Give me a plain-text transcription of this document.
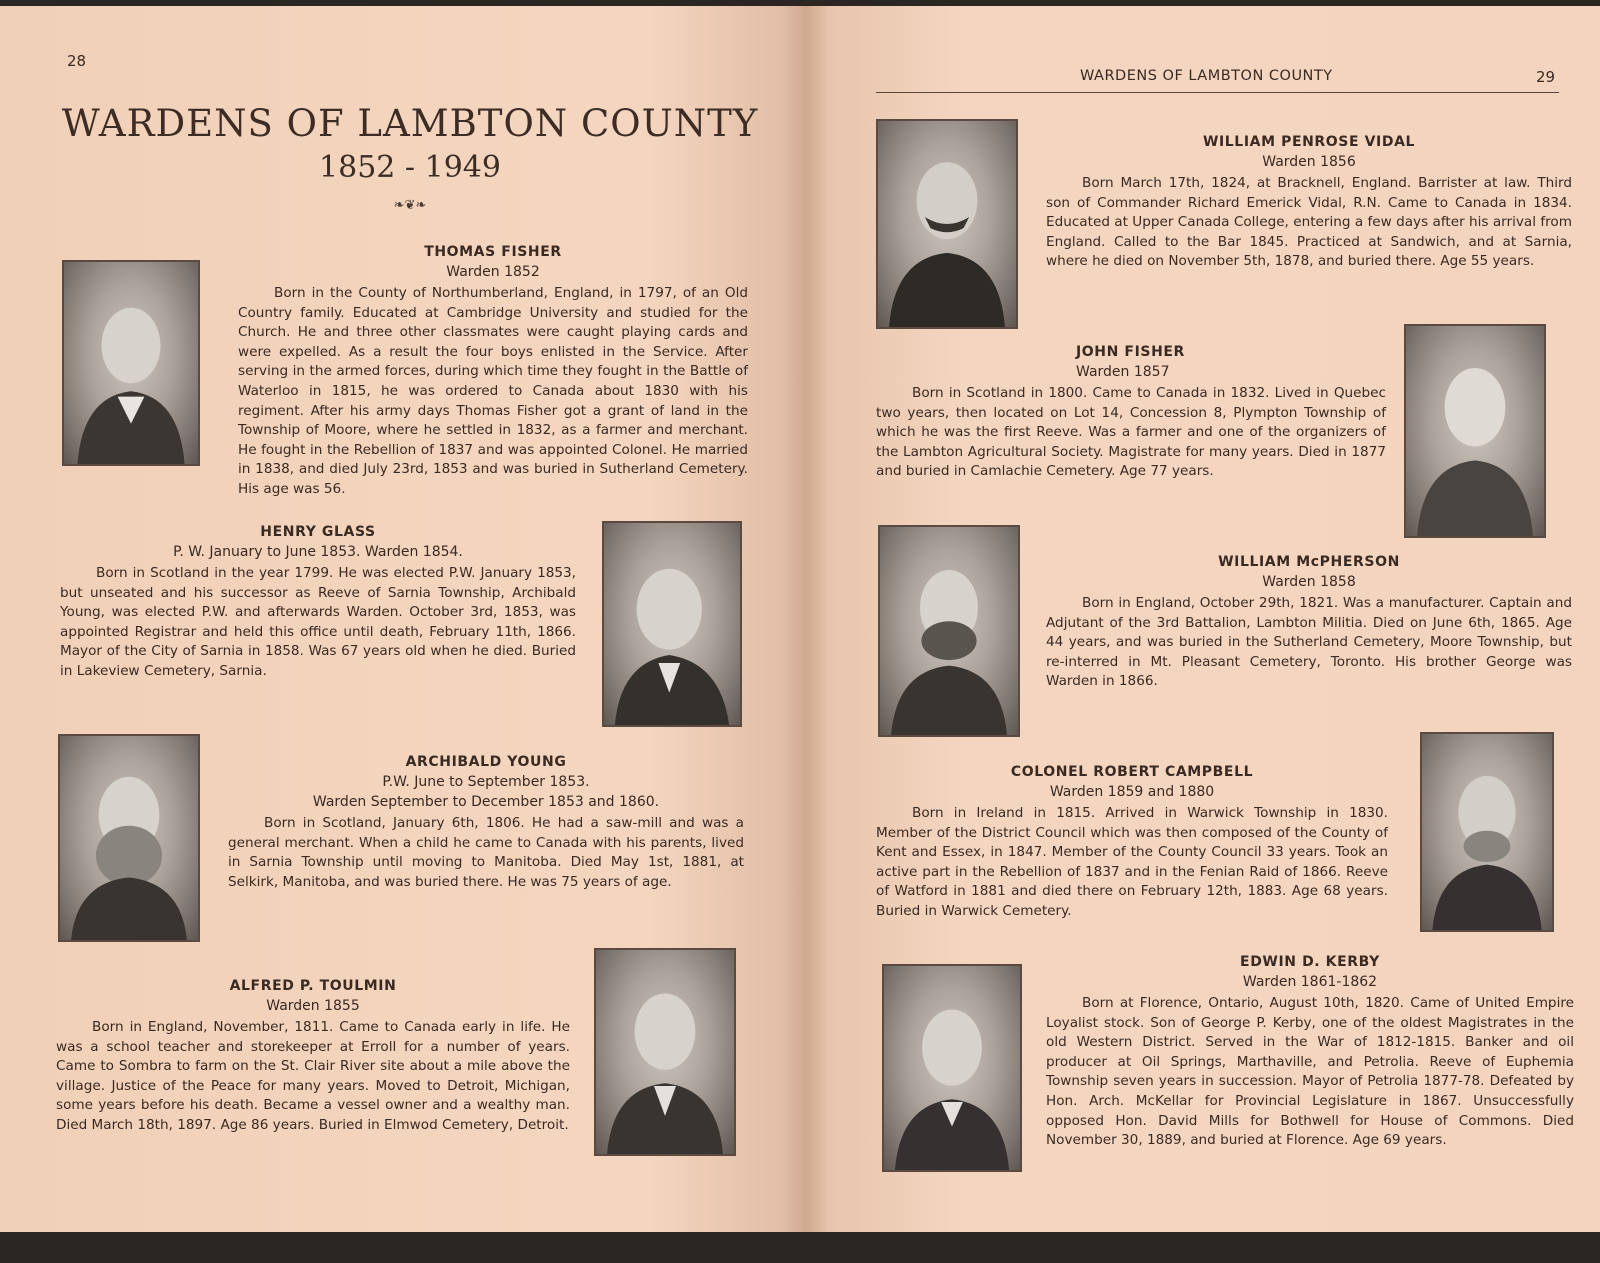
28
WARDENS OF LAMBTON COUNTY
1852 - 1949
❧❦❧
THOMAS FISHER
Warden 1852

Born in the County of Northumberland, England, in 1797, of an Old Country family. Educated at Cambridge University and studied for the Church. He and three other classmates were caught playing cards and were expelled. As a result the four boys enlisted in the Service. After serving in the armed forces, during which time they fought in the Battle of Waterloo in 1815, he was ordered to Canada about 1830 with his regiment. After his army days Thomas Fisher got a grant of land in the Township of Moore, where he settled in 1832, as a farmer and merchant. He fought in the Rebellion of 1837 and was appointed Colonel. He married in 1838, and died July 23rd, 1853 and was buried in Sutherland Cemetery. His age was 56.

HENRY GLASS
P. W. January to June 1853. Warden 1854.

Born in Scotland in the year 1799. He was elected P.W. January 1853, but unseated and his successor as Reeve of Sarnia Township, Archibald Young, was elected P.W. and afterwards Warden. October 3rd, 1853, was appointed Registrar and held this office until death, February 11th, 1866. Mayor of the City of Sarnia in 1858. Was 67 years old when he died. Buried in Lakeview Cemetery, Sarnia.

ARCHIBALD YOUNG
P.W. June to September 1853.
Warden September to December 1853 and 1860.

Born in Scotland, January 6th, 1806. He had a saw-mill and was a general merchant. When a child he came to Canada with his parents, lived in Sarnia Township until moving to Manitoba. Died May 1st, 1881, at Selkirk, Manitoba, and was buried there. He was 75 years of age.

ALFRED P. TOULMIN
Warden 1855

Born in England, November, 1811. Came to Canada early in life. He was a school teacher and storekeeper at Erroll for a number of years. Came to Sombra to farm on the St. Clair River site about a mile above the village. Justice of the Peace for many years. Moved to Detroit, Michigan, some years before his death. Became a vessel owner and a wealthy man. Died March 18th, 1897. Age 86 years. Buried in Elmwod Cemetery, Detroit.

WARDENS OF LAMBTON COUNTY	29
WILLIAM PENROSE VIDAL
Warden 1856

Born March 17th, 1824, at Bracknell, England. Barrister at law. Third son of Commander Richard Emerick Vidal, R.N. Came to Canada in 1834. Educated at Upper Canada College, entering a few days after his arrival from England. Called to the Bar 1845. Practiced at Sandwich, and at Sarnia, where he died on November 5th, 1878, and buried there. Age 55 years.

JOHN FISHER
Warden 1857

Born in Scotland in 1800. Came to Canada in 1832. Lived in Quebec two years, then located on Lot 14, Concession 8, Plympton Township of which he was the first Reeve. Was a farmer and one of the organizers of the Lambton Agricultural Society. Magistrate for many years. Died in 1877 and buried in Camlachie Cemetery. Age 77 years.

WILLIAM McPHERSON
Warden 1858

Born in England, October 29th, 1821. Was a manufacturer. Captain and Adjutant of the 3rd Battalion, Lambton Militia. Died on June 6th, 1865. Age 44 years, and was buried in the Sutherland Cemetery, Moore Township, but re-interred in Mt. Pleasant Cemetery, Toronto. His brother George was Warden in 1866.

COLONEL ROBERT CAMPBELL
Warden 1859 and 1880

Born in Ireland in 1815. Arrived in Warwick Township in 1830. Member of the District Council which was then composed of the County of Kent and Essex, in 1847. Member of the County Council 33 years. Took an active part in the Rebellion of 1837 and in the Fenian Raid of 1866. Reeve of Watford in 1881 and died there on February 12th, 1883. Age 68 years. Buried in Warwick Cemetery.

EDWIN D. KERBY
Warden 1861-1862

Born at Florence, Ontario, August 10th, 1820. Came of United Empire Loyalist stock. Son of George P. Kerby, one of the oldest Magistrates in the old Western District. Served in the War of 1812-1815. Banker and oil producer at Oil Springs, Marthaville, and Petrolia. Reeve of Euphemia Township seven years in succession. Mayor of Petrolia 1877-78. Defeated by Hon. Arch. McKellar for Provincial Legislature in 1867. Unsuccessfully opposed Hon. David Mills for Bothwell for House of Commons. Died November 30, 1889, and buried at Florence. Age 69 years.
